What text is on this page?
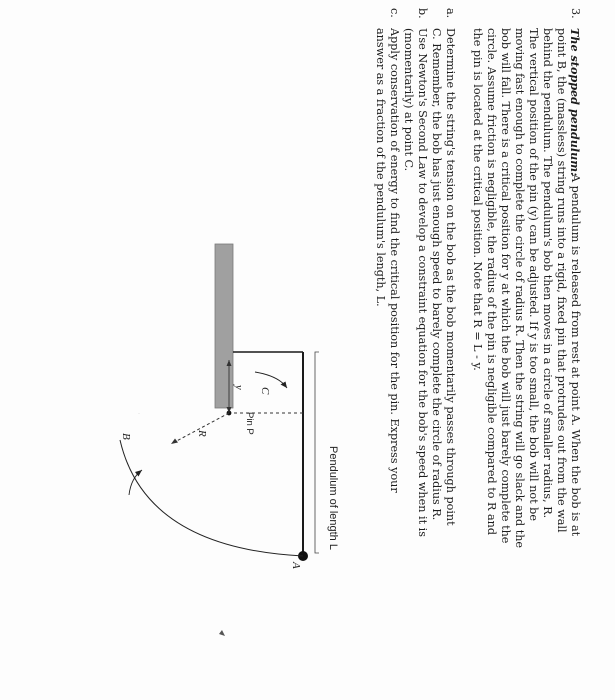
3.
The stopped pendulum:
A pendulum is released from rest at point A. When the bob is at
point B, the (massless) string runs into a rigid, fixed pin that protrudes out from the wall
behind the pendulum. The pendulum's bob then moves in a circle of smaller radius, R.
The vertical position of the pin (y) can be adjusted. If y is too small, the bob will not be
moving fast enough to complete the circle of radius R. Then the string will go slack and the
bob will fall. There is a critical position for y at which the bob will just barely complete the
circle. Assume friction is negligible, the radius of the pin is negligible compared to R and
the pin is located at the critical position. Note that R = L - y.
a.
Determine the string's tension on the bob as the bob momentarily passes through point
C. Remember, the bob has just enough speed to barely complete the circle of radius R.
b.
Use Newton's Second Law to develop a constraint equation for the bob's speed when it is
(momentarily) at point C.
c.
Apply conservation of energy to find the critical position for the pin. Express your
answer as a fraction of the pendulum's length, L.
Pendulum of length L
Pin P
A
B
C
R
y
